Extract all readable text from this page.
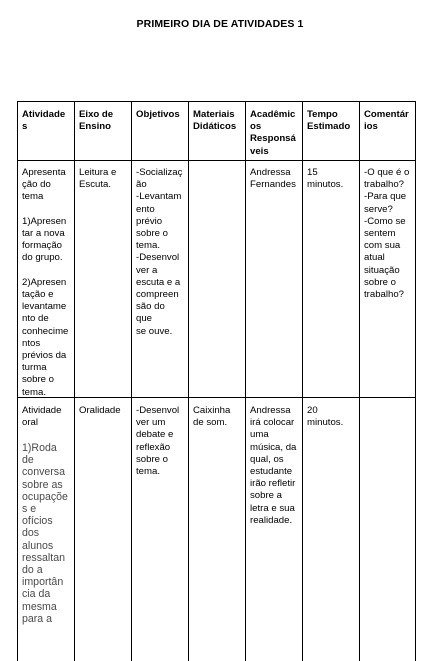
PRIMEIRO DIA DE ATIVIDADES 1
Atividade
s
Eixo de
Ensino
Objetivos Materiais
Didáticos
Acadêmic
os
Responsá
veis
Tempo
Estimado
Comentár
ios
Apresenta
ção do
tema

1)Apresen
tar a nova
formação
do grupo.

2)Apresen
tação e
levantame
nto de
conhecime
ntos
prévios da
turma
sobre o
tema.
Leitura e
Escuta.
-Socializaç
ão
-Levantam
ento
prévio
sobre o
tema.
-Desenvol
ver a
escuta e a
compreen
são do
que
se ouve.
Andressa
Fernandes
15
minutos.
-O que é o
trabalho?
-Para que
serve?
-Como se
sentem
com sua
atual
situação
sobre o
trabalho?
Atividade
oral
1)Roda
de
conversa
sobre as
ocupaçõe
s e
ofícios
dos
alunos
ressaltan
do a
importân
cia da
mesma
para a
Oralidade -Desenvol
ver um
debate e
reflexão
sobre o
tema.
Caixinha
de som.
Andressa
irá colocar
uma
música, da
qual, os
estudante
irão refletir
sobre a
letra e sua
realidade.
20
minutos.
